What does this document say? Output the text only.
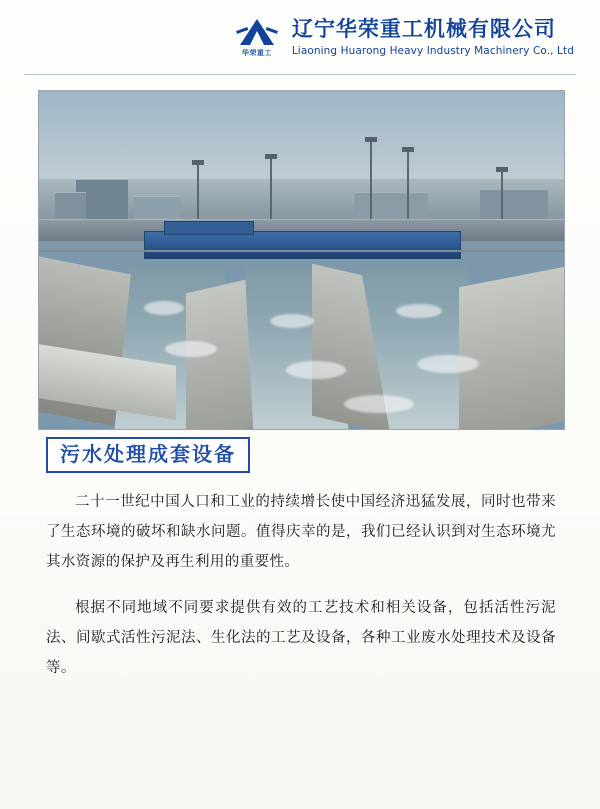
华荣重工
辽宁华荣重工机械有限公司
Liaoning Huarong Heavy Industry Machinery Co., Ltd
污水处理成套设备

二十一世纪中国人口和工业的持续增长使中国经济迅猛发展，同时也带来了生态环境的破坏和缺水问题。值得庆幸的是，我们已经认识到对生态环境尤其水资源的保护及再生利用的重要性。

根据不同地域不同要求提供有效的工艺技术和相关设备，包括活性污泥法、间歇式活性污泥法、生化法的工艺及设备，各种工业废水处理技术及设备等。
